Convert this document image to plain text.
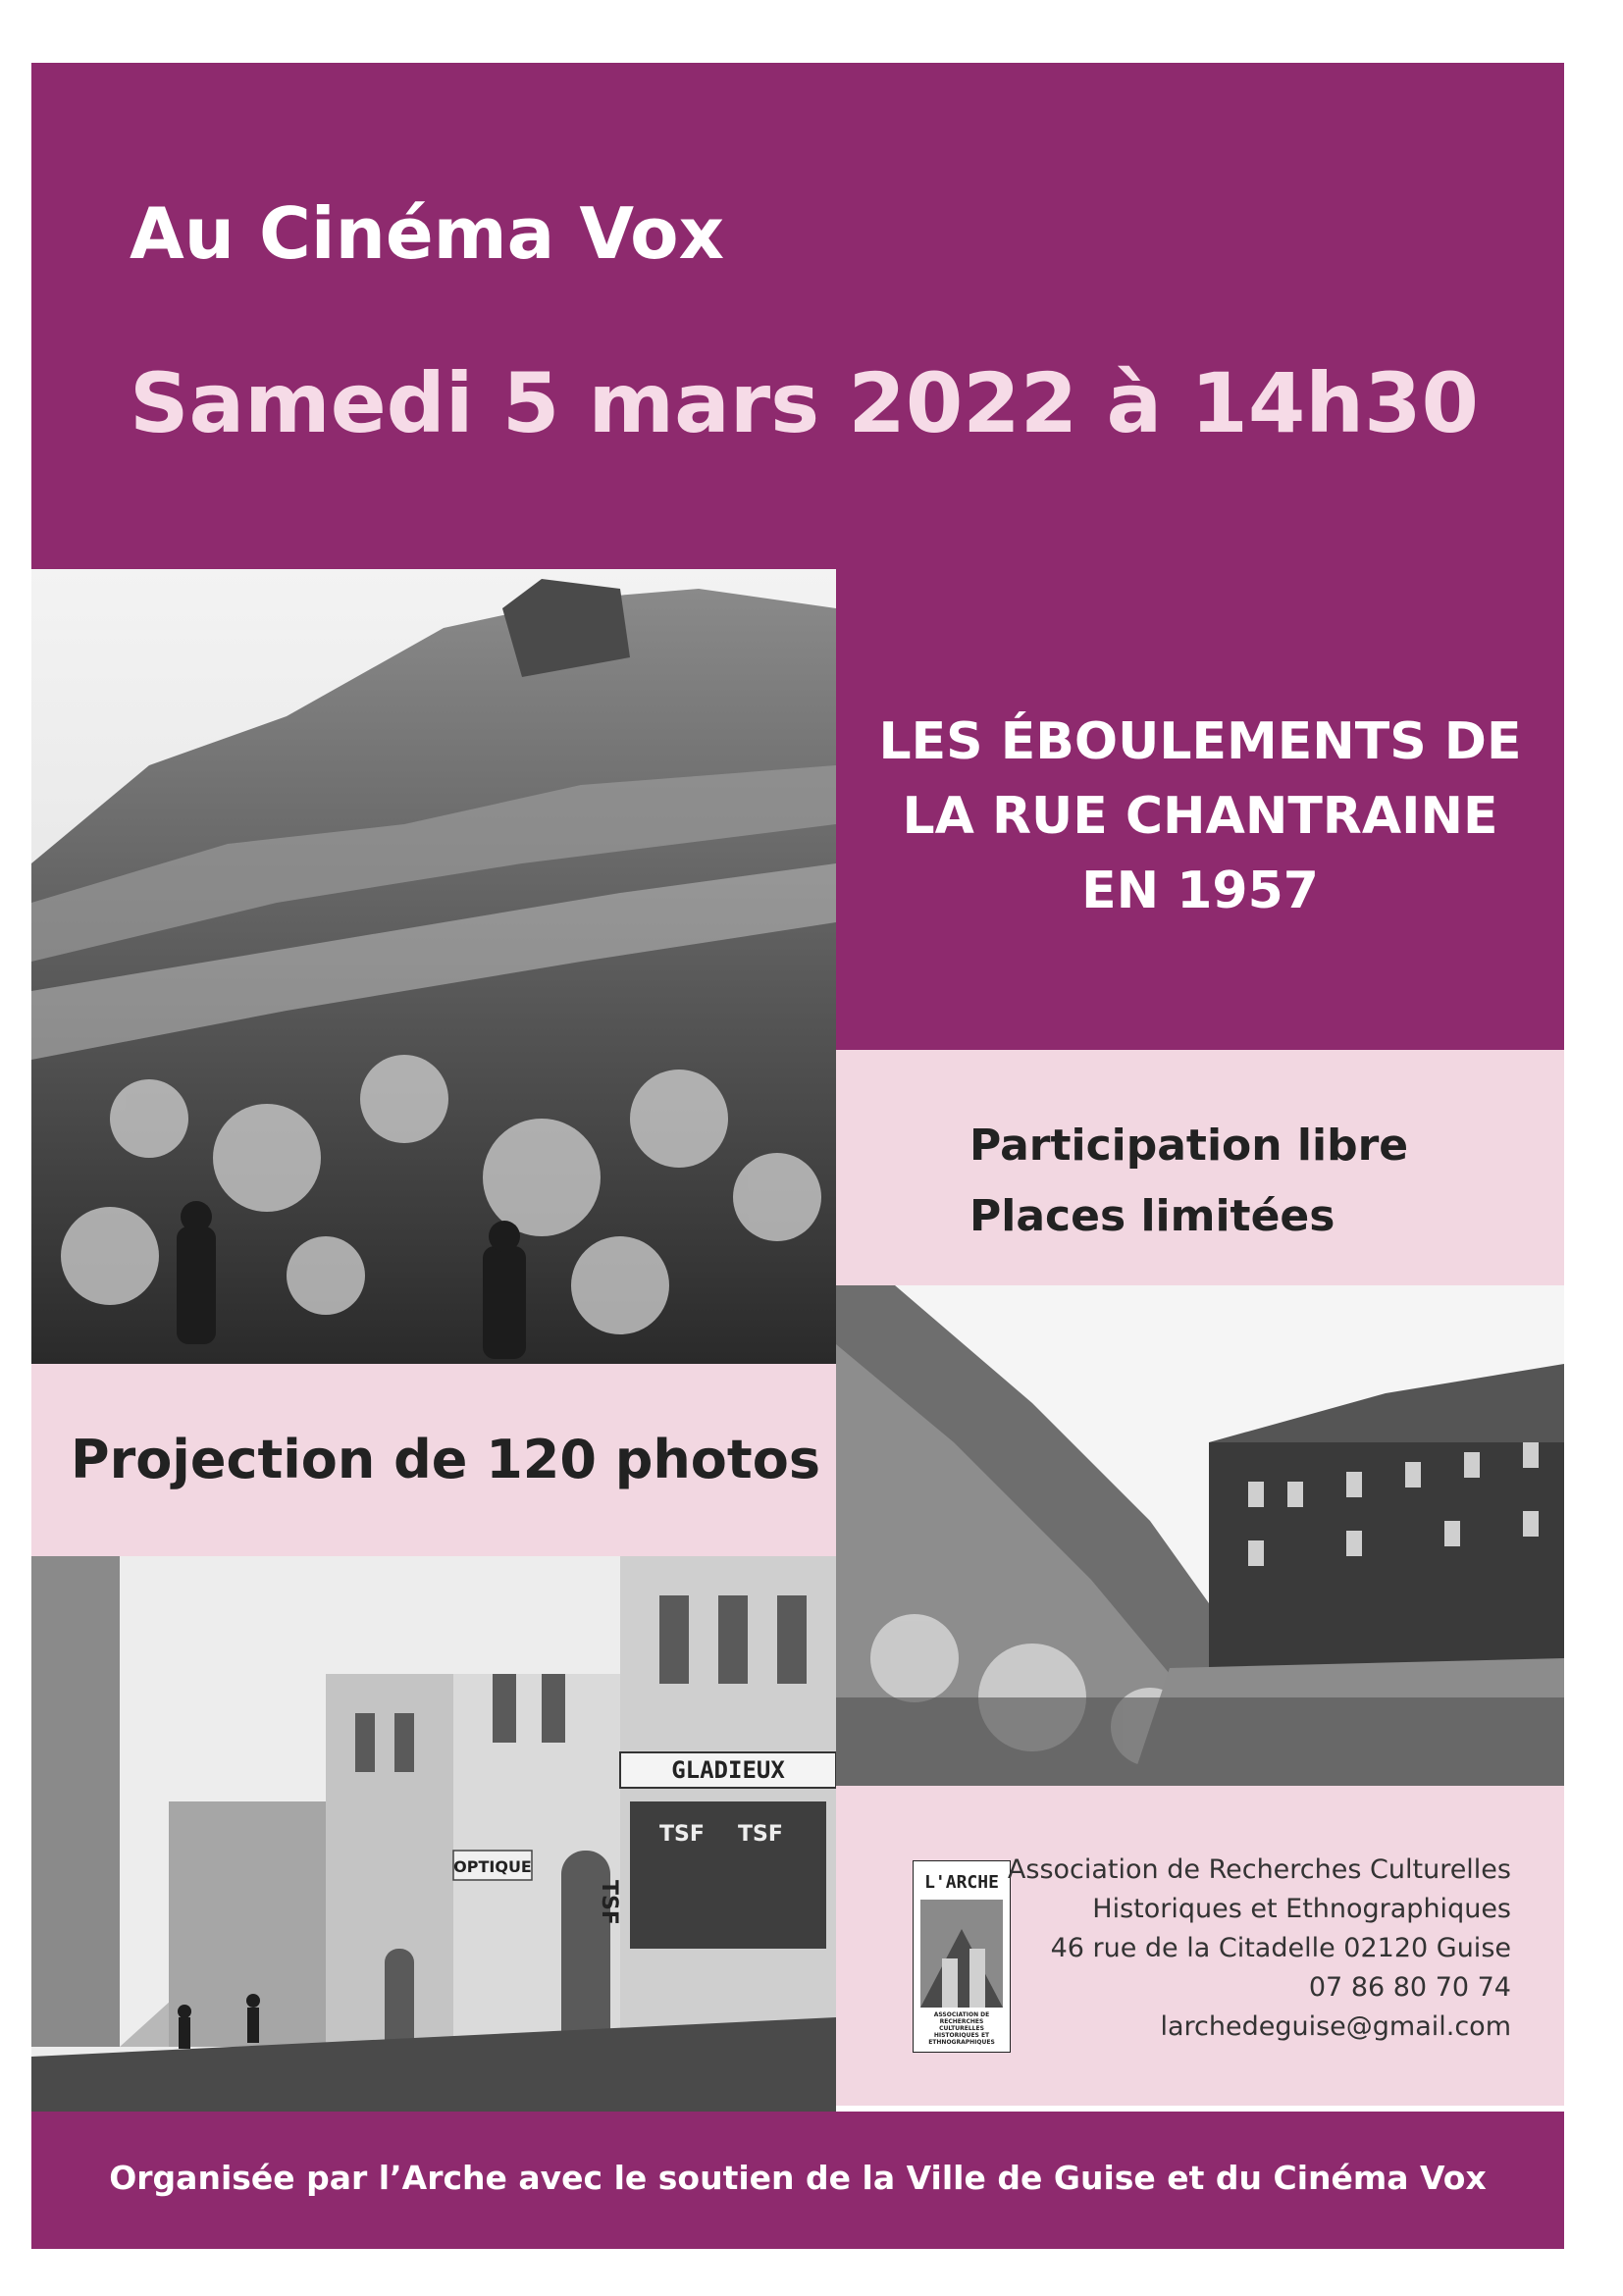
Au Cinéma Vox
Samedi 5 mars 2022 à 14h30
LES ÉBOULEMENTS DE
LA RUE CHANTRAINE
EN 1957
Participation libre
Places limitées
Projection de 120 photos
GLADIEUX
TSF TSF
TSF
OPTIQUE
L'ARCHE
ASSOCIATION DE RECHERCHES CULTURELLES HISTORIQUES ET ETHNOGRAPHIQUES
Association de Recherches Culturelles
Historiques et Ethnographiques
46 rue de la Citadelle 02120 Guise
07 86 80 70 74
larchedeguise@gmail.com
Organisée par l’Arche avec le soutien de la Ville de Guise et du Cinéma Vox
